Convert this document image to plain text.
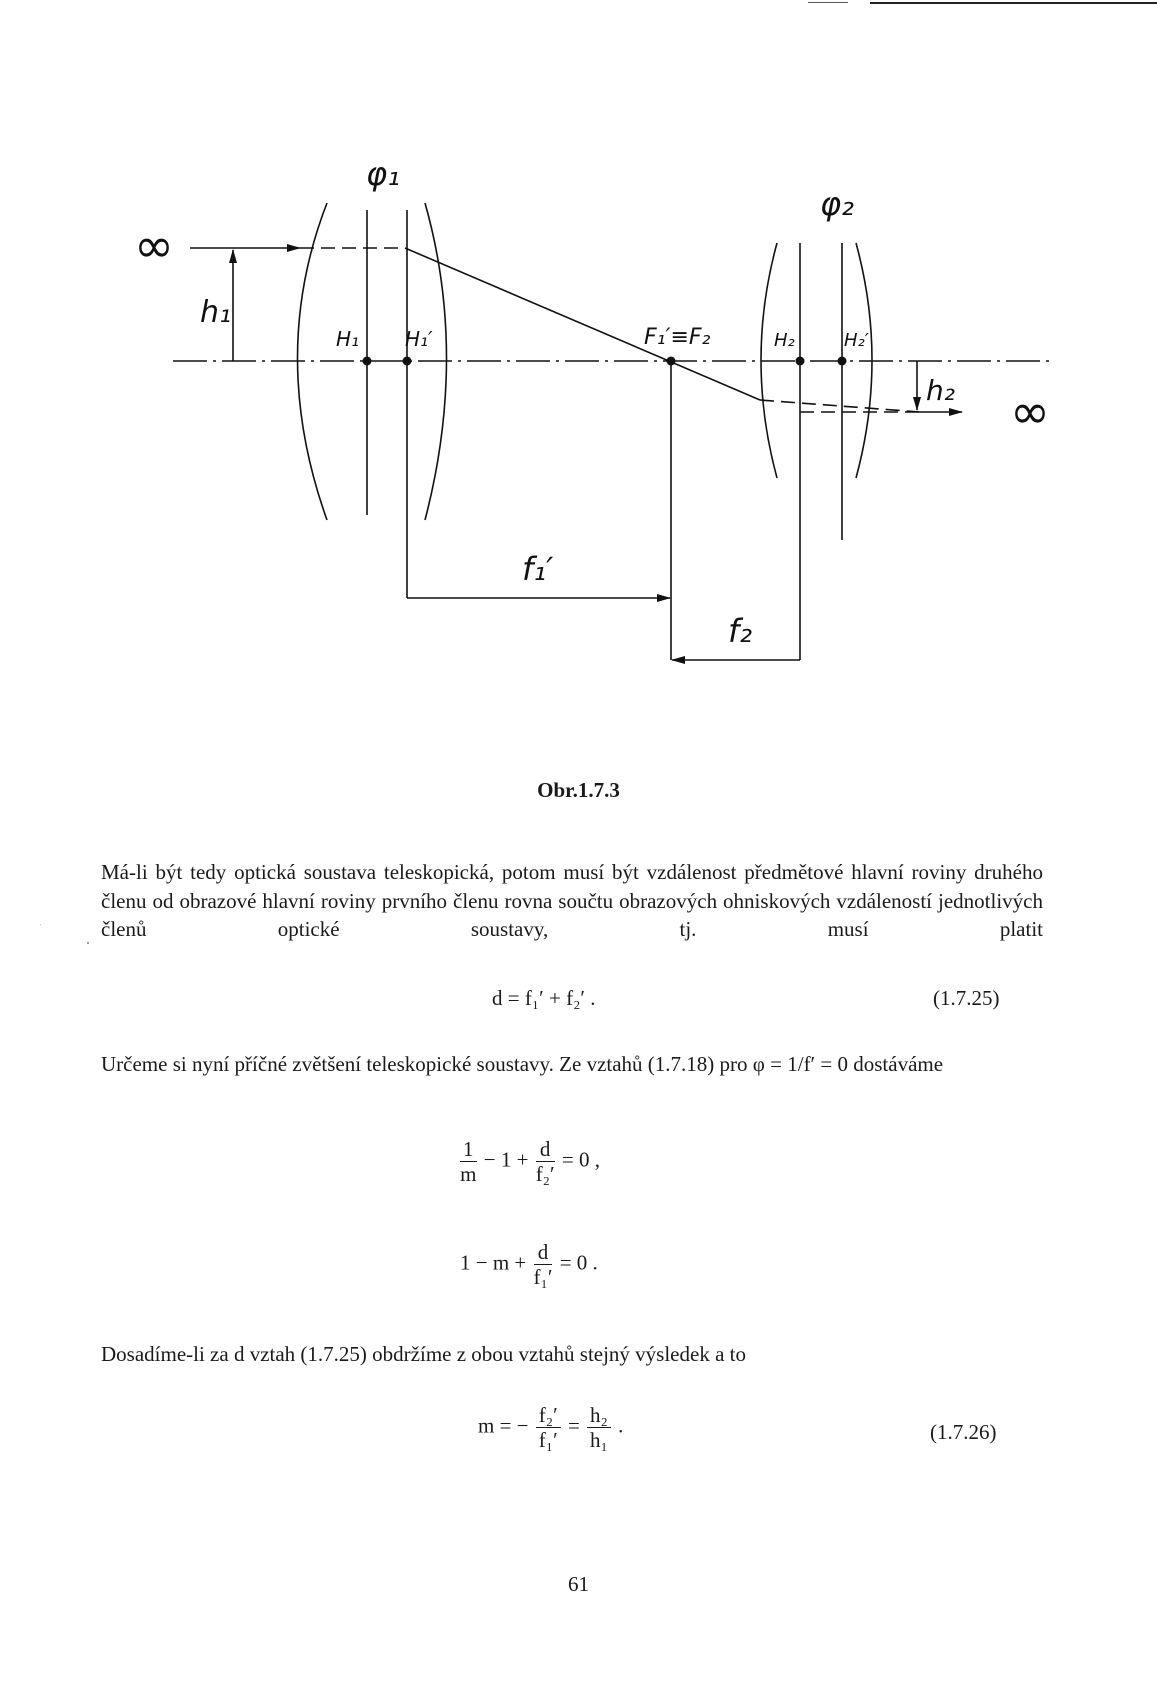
∞
∞
φ₁
φ₂
h₁
h₂
H₁ H₁′	H₂	H₂′
F₁′≡F₂
f₁′
f₂
Obr.1.7.3
Má-li být tedy optická soustava teleskopická, potom musí být vzdálenost předmětové hlavní roviny druhého členu od obrazové hlavní roviny prvního členu rovna součtu obrazových ohniskových vzdáleností jednotlivých členů optické soustavy, tj. musí platit
d = f₁′ + f₂′ .	(1.7.25)
Určeme si nyní příčné zvětšení teleskopické soustavy. Ze vztahů (1.7.18) pro φ = 1/f′ = 0 dostáváme
$\frac{1}{m} - 1 + \frac{d}{\text{f₂′}} = 0$ ,
$1 - m + \frac{d}{\text{f₁′}} = 0$ .
Dosadíme-li za d vztah (1.7.25) obdržíme z obou vztahů stejný výsledek a to
m = − $\frac{\text{f₂′}}{\text{f₁′}} = \frac{\text{h₂}}{\text{h₁}}$ .	(1.7.26)
61
